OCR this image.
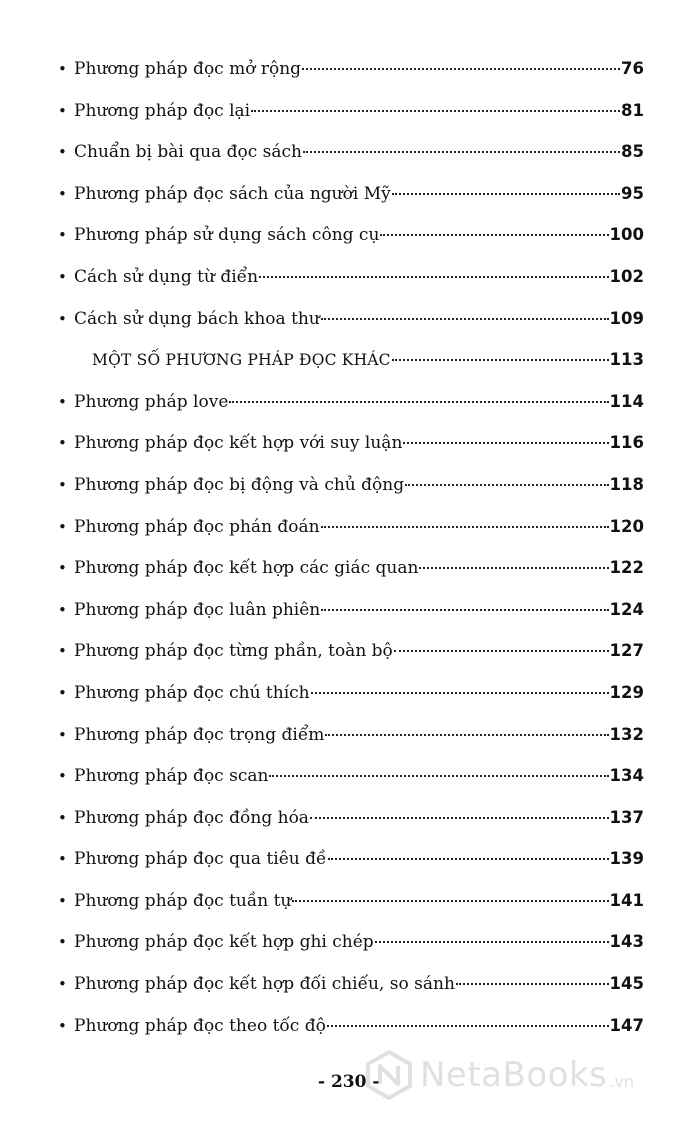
• Phương pháp đọc mở rộng	76
• Phương pháp đọc lại	81
• Chuẩn bị bài qua đọc sách	85
• Phương pháp đọc sách của người Mỹ	95
• Phương pháp sử dụng sách công cụ	100
• Cách sử dụng từ điển	102
• Cách sử dụng bách khoa thư	109
MỘT SỐ PHƯƠNG PHÁP ĐỌC KHÁC	113
• Phương pháp love	114
• Phương pháp đọc kết hợp với suy luận	116
• Phương pháp đọc bị động và chủ động	118
• Phương pháp đọc phán đoán	120
• Phương pháp đọc kết hợp các giác quan	122
• Phương pháp đọc luân phiên	124
• Phương pháp đọc từng phần, toàn bộ	127
• Phương pháp đọc chú thích	129
• Phương pháp đọc trọng điểm	132
• Phương pháp đọc scan	134
• Phương pháp đọc đồng hóa	137
• Phương pháp đọc qua tiêu đề	139
• Phương pháp đọc tuần tự	141
• Phương pháp đọc kết hợp ghi chép	143
• Phương pháp đọc kết hợp đối chiếu, so sánh	145
• Phương pháp đọc theo tốc độ	147
- 230 - NetaBooks .vn
